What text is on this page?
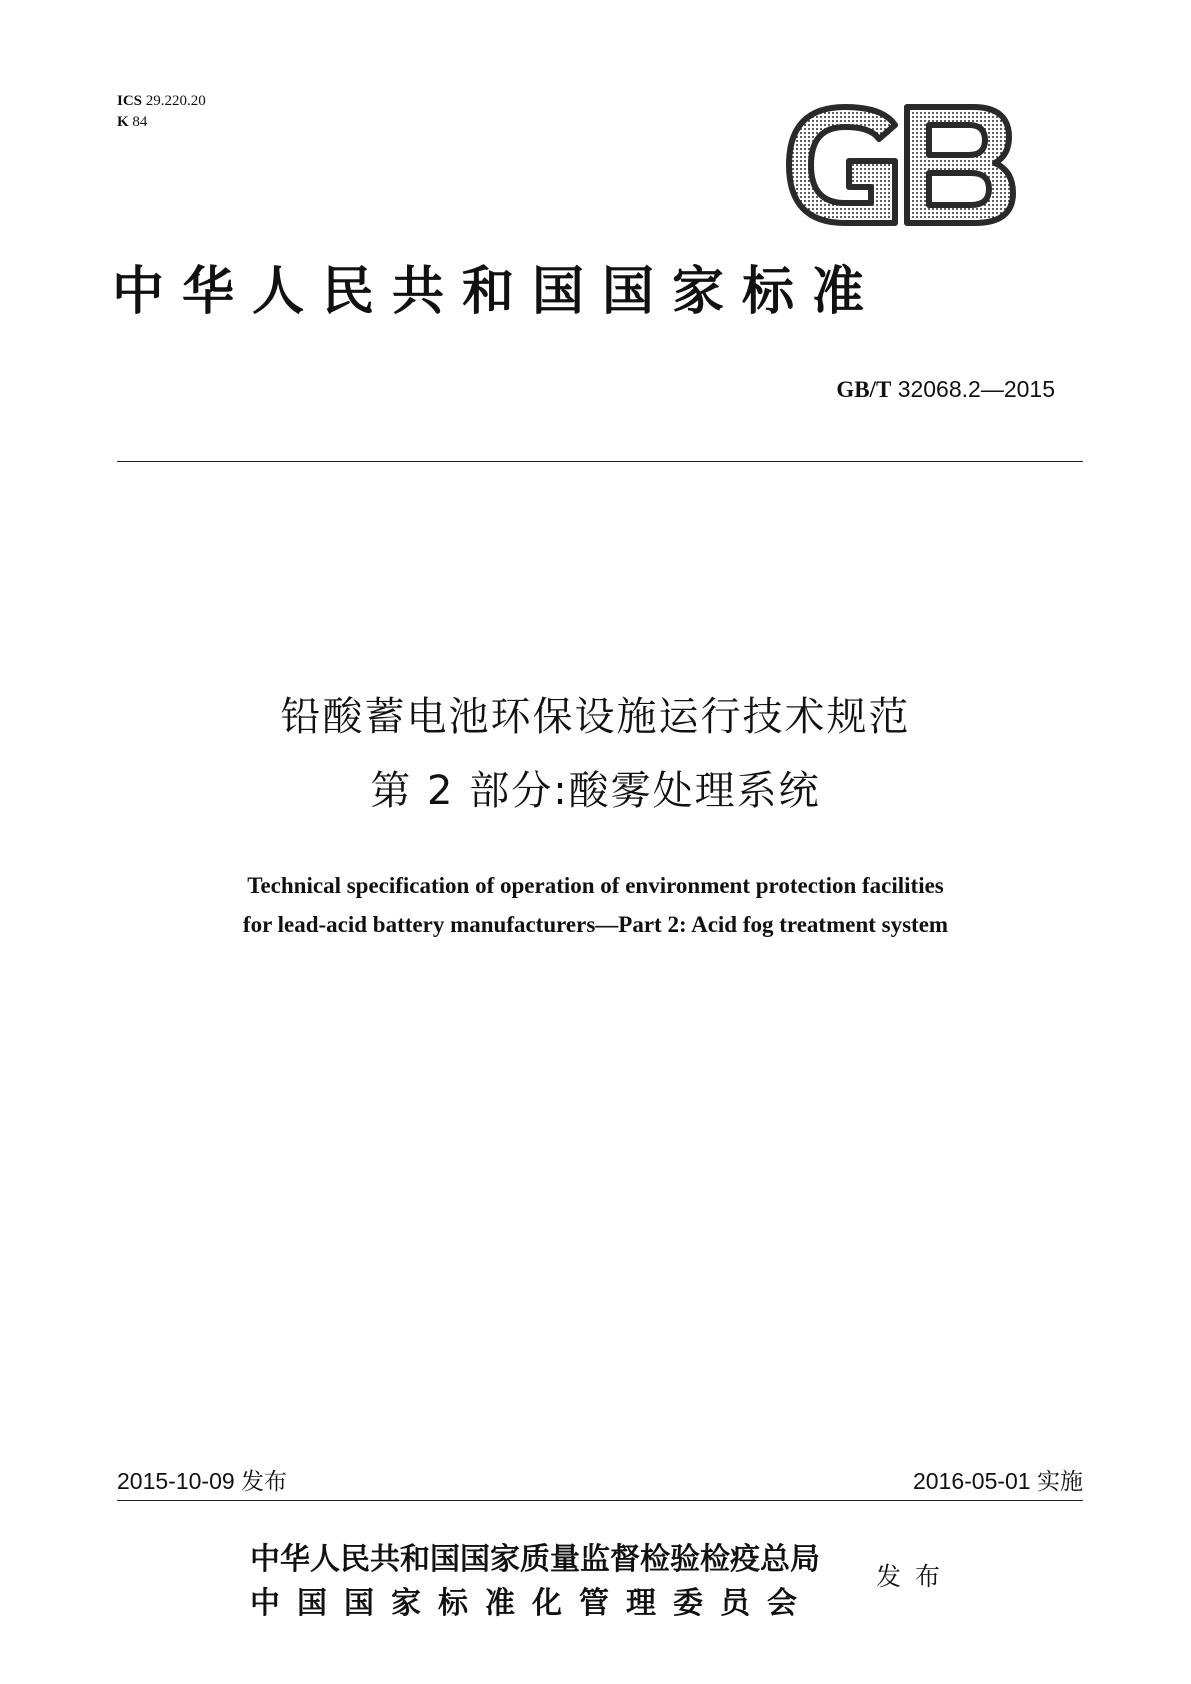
ICS 29.220.20
K 84
中华人民共和国国家标准
GB/T 32068.2—2015
铅酸蓄电池环保设施运行技术规范
第 2 部分:酸雾处理系统
Technical specification of operation of environment protection facilities
for lead-acid battery manufacturers—Part 2: Acid fog treatment system
2015-10-09 发布	2016-05-01 实施
中华人民共和国国家质量监督检验检疫总局
中国国家标准化管理委员会
发布
